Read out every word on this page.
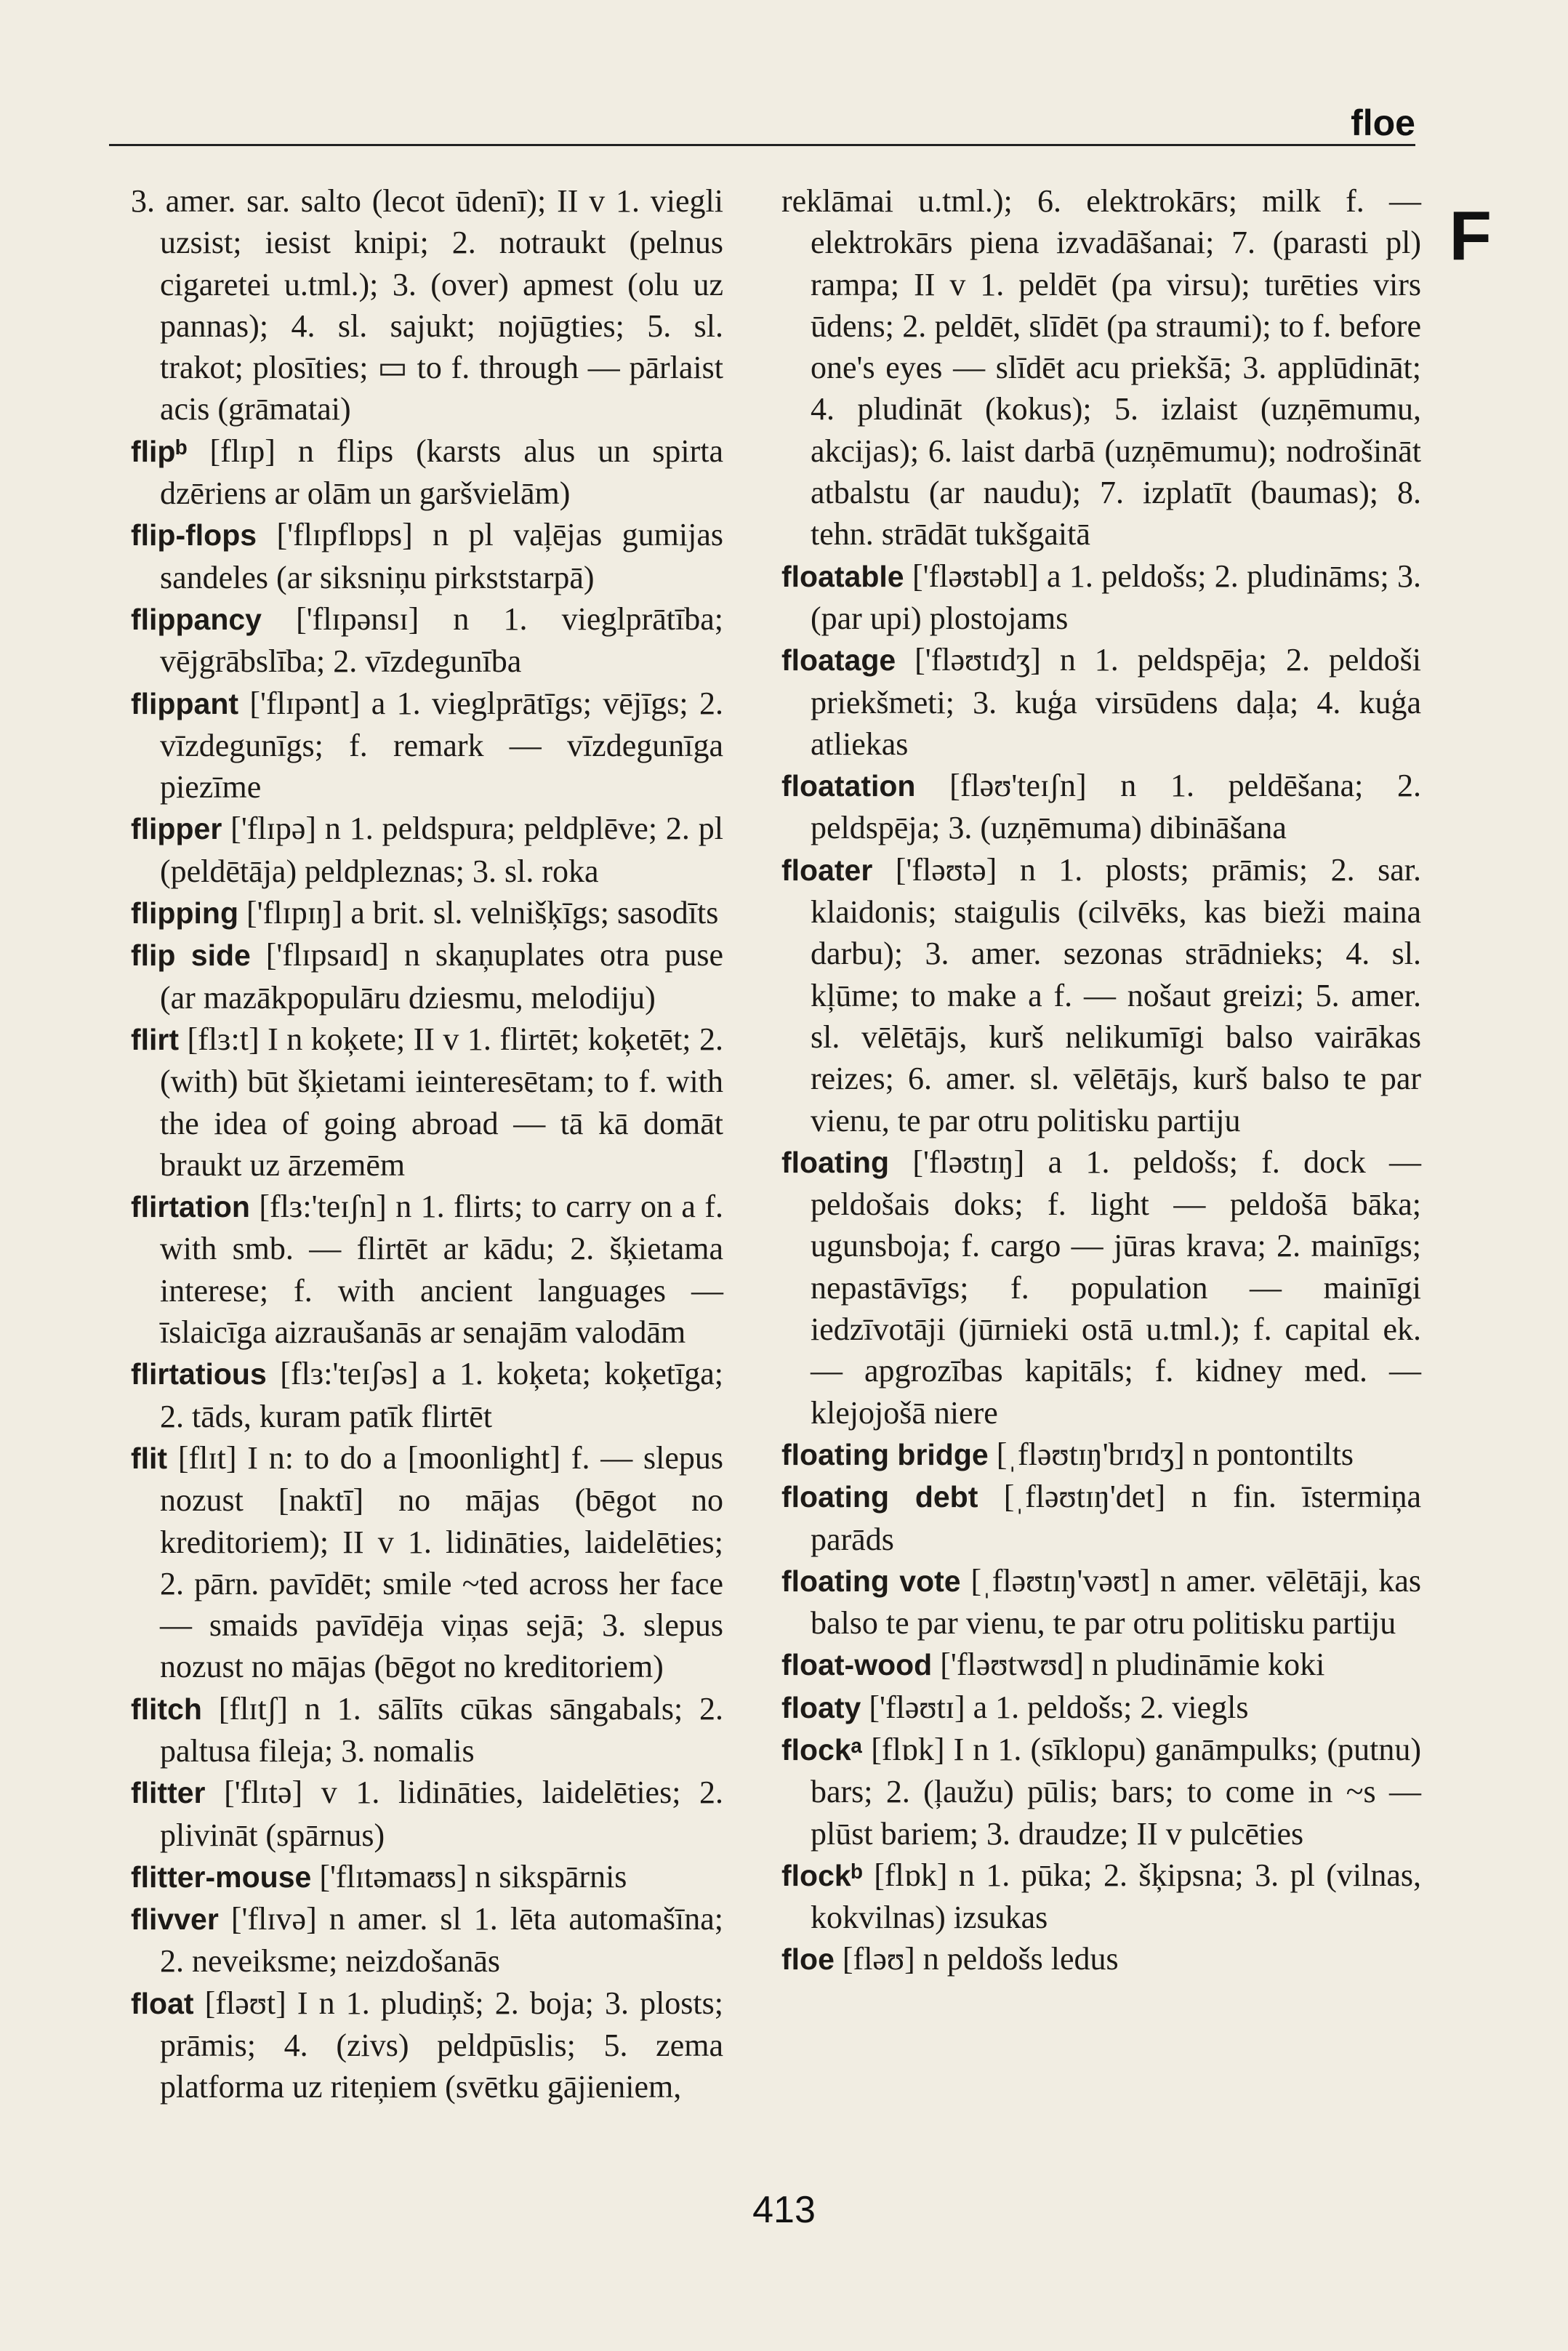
floe
F

3. amer. sar. salto (lecot ūdenī); II v 1. viegli uzsist; iesist knipi; 2. notraukt (pelnus cigaretei u.tml.); 3. (over) apmest (olu uz pannas); 4. sl. sajukt; nojūgties; 5. sl. trakot; plosīties; ▭ to f. through — pārlaist acis (grāmatai)

flipᵇ [flɪp] n flips (karsts alus un spirta dzēriens ar olām un garšvielām)

flip-flops ['flɪpflɒps] n pl vaļējas gumijas sandeles (ar siksniņu pirkststarpā)

flippancy ['flɪpənsɪ] n 1. vieglprātība; vējgrābslība; 2. vīzdegunība

flippant ['flɪpənt] a 1. vieglprātīgs; vējīgs; 2. vīzdegunīgs; f. remark — vīzdegunīga piezīme

flipper ['flɪpə] n 1. peldspura; peldplēve; 2. pl (peldētāja) peldpleznas; 3. sl. roka

flipping ['flɪpɪŋ] a brit. sl. velnišķīgs; sasodīts

flip side ['flɪpsaɪd] n skaņuplates otra puse (ar mazākpopulāru dziesmu, melodiju)

flirt [flɜ:t] I n koķete; II v 1. flirtēt; koķetēt; 2. (with) būt šķietami ieinteresētam; to f. with the idea of going abroad — tā kā domāt braukt uz ārzemēm

flirtation [flɜ:'teɪʃn] n 1. flirts; to carry on a f. with smb. — flirtēt ar kādu; 2. šķietama interese; f. with ancient languages — īslaicīga aizraušanās ar senajām valodām

flirtatious [flɜ:'teɪʃəs] a 1. koķeta; koķetīga; 2. tāds, kuram patīk flirtēt

flit [flɪt] I n: to do a [moonlight] f. — slepus nozust [naktī] no mājas (bēgot no kreditoriem); II v 1. lidināties, laidelēties; 2. pārn. pavīdēt; smile ~ted across her face — smaids pavīdēja viņas sejā; 3. slepus nozust no mājas (bēgot no kreditoriem)

flitch [flɪtʃ] n 1. sālīts cūkas sāngabals; 2. paltusa fileja; 3. nomalis

flitter ['flɪtə] v 1. lidināties, laidelēties; 2. plivināt (spārnus)

flitter-mouse ['flɪtəmaʊs] n sikspārnis

flivver ['flɪvə] n amer. sl 1. lēta automašīna; 2. neveiksme; neizdošanās

float [fləʊt] I n 1. pludiņš; 2. boja; 3. plosts; prāmis; 4. (zivs) peldpūslis; 5. zema platforma uz riteņiem (svētku gājieniem,

reklāmai u.tml.); 6. elektrokārs; milk f. — elektrokārs piena izvadāšanai; 7. (parasti pl) rampa; II v 1. peldēt (pa virsu); turēties virs ūdens; 2. peldēt, slīdēt (pa straumi); to f. before one's eyes — slīdēt acu priekšā; 3. applūdināt; 4. pludināt (kokus); 5. izlaist (uzņēmumu, akcijas); 6. laist darbā (uzņēmumu); nodrošināt atbalstu (ar naudu); 7. izplatīt (baumas); 8. tehn. strādāt tukšgaitā

floatable ['fləʊtəbl] a 1. peldošs; 2. pludināms; 3. (par upi) plostojams

floatage ['fləʊtɪdʒ] n 1. peldspēja; 2. peldoši priekšmeti; 3. kuģa virsūdens daļa; 4. kuģa atliekas

floatation [fləʊ'teɪʃn] n 1. peldēšana; 2. peldspēja; 3. (uzņēmuma) dibināšana

floater ['fləʊtə] n 1. plosts; prāmis; 2. sar. klaidonis; staigulis (cilvēks, kas bieži maina darbu); 3. amer. sezonas strādnieks; 4. sl. kļūme; to make a f. — nošaut greizi; 5. amer. sl. vēlētājs, kurš nelikumīgi balso vairākas reizes; 6. amer. sl. vēlētājs, kurš balso te par vienu, te par otru politisku partiju

floating ['fləʊtɪŋ] a 1. peldošs; f. dock — peldošais doks; f. light — peldošā bāka; ugunsboja; f. cargo — jūras krava; 2. mainīgs; nepastāvīgs; f. population — mainīgi iedzīvotāji (jūrnieki ostā u.tml.); f. capital ek. — apgrozības kapitāls; f. kidney med. — klejojošā niere

floating bridge [ˌfləʊtɪŋ'brɪdʒ] n pontontilts

floating debt [ˌfləʊtɪŋ'det] n fin. īstermiņa parāds

floating vote [ˌfləʊtɪŋ'vəʊt] n amer. vēlētāji, kas balso te par vienu, te par otru politisku partiju

float-wood ['fləʊtwʊd] n pludināmie koki

floaty ['fləʊtɪ] a 1. peldošs; 2. viegls

flockᵃ [flɒk] I n 1. (sīklopu) ganāmpulks; (putnu) bars; 2. (ļaužu) pūlis; bars; to come in ~s — plūst bariem; 3. draudze; II v pulcēties

flockᵇ [flɒk] n 1. pūka; 2. šķipsna; 3. pl (vilnas, kokvilnas) izsukas

floe [fləʊ] n peldošs ledus

413
